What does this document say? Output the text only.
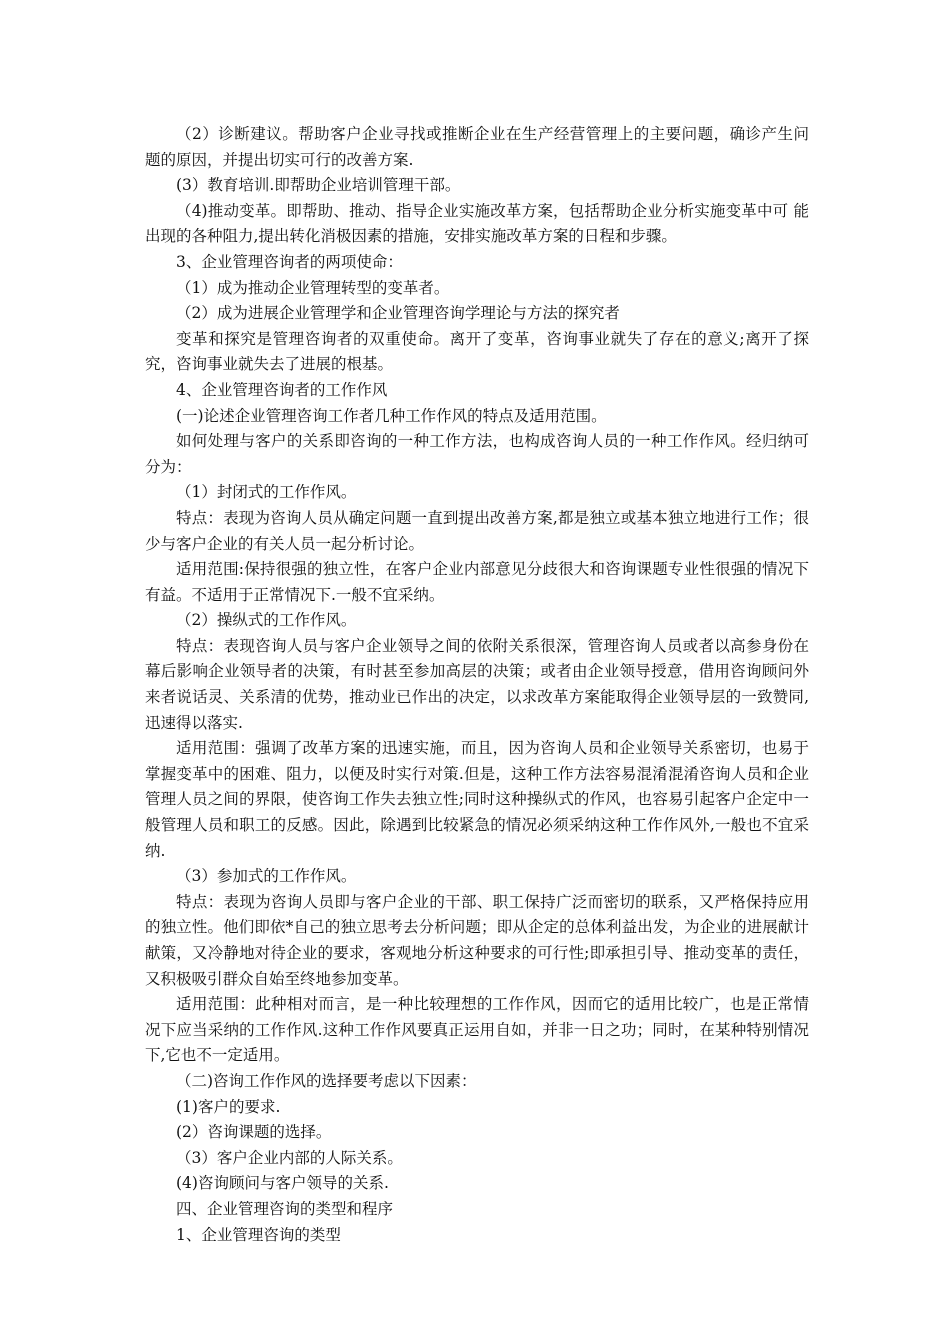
（2）诊断建议。帮助客户企业寻找或推断企业在生产经营管理上的主要问题，确诊产生问 题的原因，并提出切实可行的改善方案.

(3）教育培训.即帮助企业培训管理干部。

（4)推动变革。即帮助、推动、指导企业实施改革方案，包括帮助企业分析实施变革中可 能出现的各种阻力,提出转化消极因素的措施，安排实施改革方案的日程和步骤。

3、企业管理咨询者的两项使命：

（1）成为推动企业管理转型的变革者。

（2）成为进展企业管理学和企业管理咨询学理论与方法的探究者

变革和探究是管理咨询者的双重使命。离开了变革，咨询事业就失了存在的意义;离开了探究，咨询事业就失去了进展的根基。

4、企业管理咨询者的工作作风

(一)论述企业管理咨询工作者几种工作作风的特点及适用范围。

如何处理与客户的关系即咨询的一种工作方法，也构成咨询人员的一种工作作风。经归纳可分为：

（1）封闭式的工作作风。

特点：表现为咨询人员从确定问题一直到提出改善方案,都是独立或基本独立地进行工作；很少与客户企业的有关人员一起分析讨论。

适用范围:保持很强的独立性，在客户企业内部意见分歧很大和咨询课题专业性很强的情况下有益。不适用于正常情况下.一般不宜采纳。

（2）操纵式的工作作风。

特点：表现咨询人员与客户企业领导之间的依附关系很深，管理咨询人员或者以高参身份在幕后影响企业领导者的决策，有时甚至参加高层的决策；或者由企业领导授意，借用咨询顾问外来者说话灵、关系清的优势，推动业已作出的决定，以求改革方案能取得企业领导层的一致赞同,迅速得以落实.

适用范围：强调了改革方案的迅速实施，而且，因为咨询人员和企业领导关系密切，也易于掌握变革中的困难、阻力，以便及时实行对策.但是，这种工作方法容易混淆混淆咨询人员和企业管理人员之间的界限，使咨询工作失去独立性;同时这种操纵式的作风，也容易引起客户企定中一般管理人员和职工的反感。因此，除遇到比较紧急的情况必须采纳这种工作作风外,一般也不宜采纳.

（3）参加式的工作作风。

特点：表现为咨询人员即与客户企业的干部、职工保持广泛而密切的联系，又严格保持应用的独立性。他们即依*自己的独立思考去分析问题；即从企定的总体利益出发，为企业的进展献计献策，又冷静地对待企业的要求，客观地分析这种要求的可行性;即承担引导、推动变革的责任，又积极吸引群众自始至终地参加变革。

适用范围：此种相对而言，是一种比较理想的工作作风，因而它的适用比较广，也是正常情况下应当采纳的工作作风.这种工作作风要真正运用自如，并非一日之功；同时，在某种特别情况下,它也不一定适用。

（二)咨询工作作风的选择要考虑以下因素：

(1)客户的要求.

(2）咨询课题的选择。

（3）客户企业内部的人际关系。

(4)咨询顾问与客户领导的关系.

四、企业管理咨询的类型和程序

1、企业管理咨询的类型
